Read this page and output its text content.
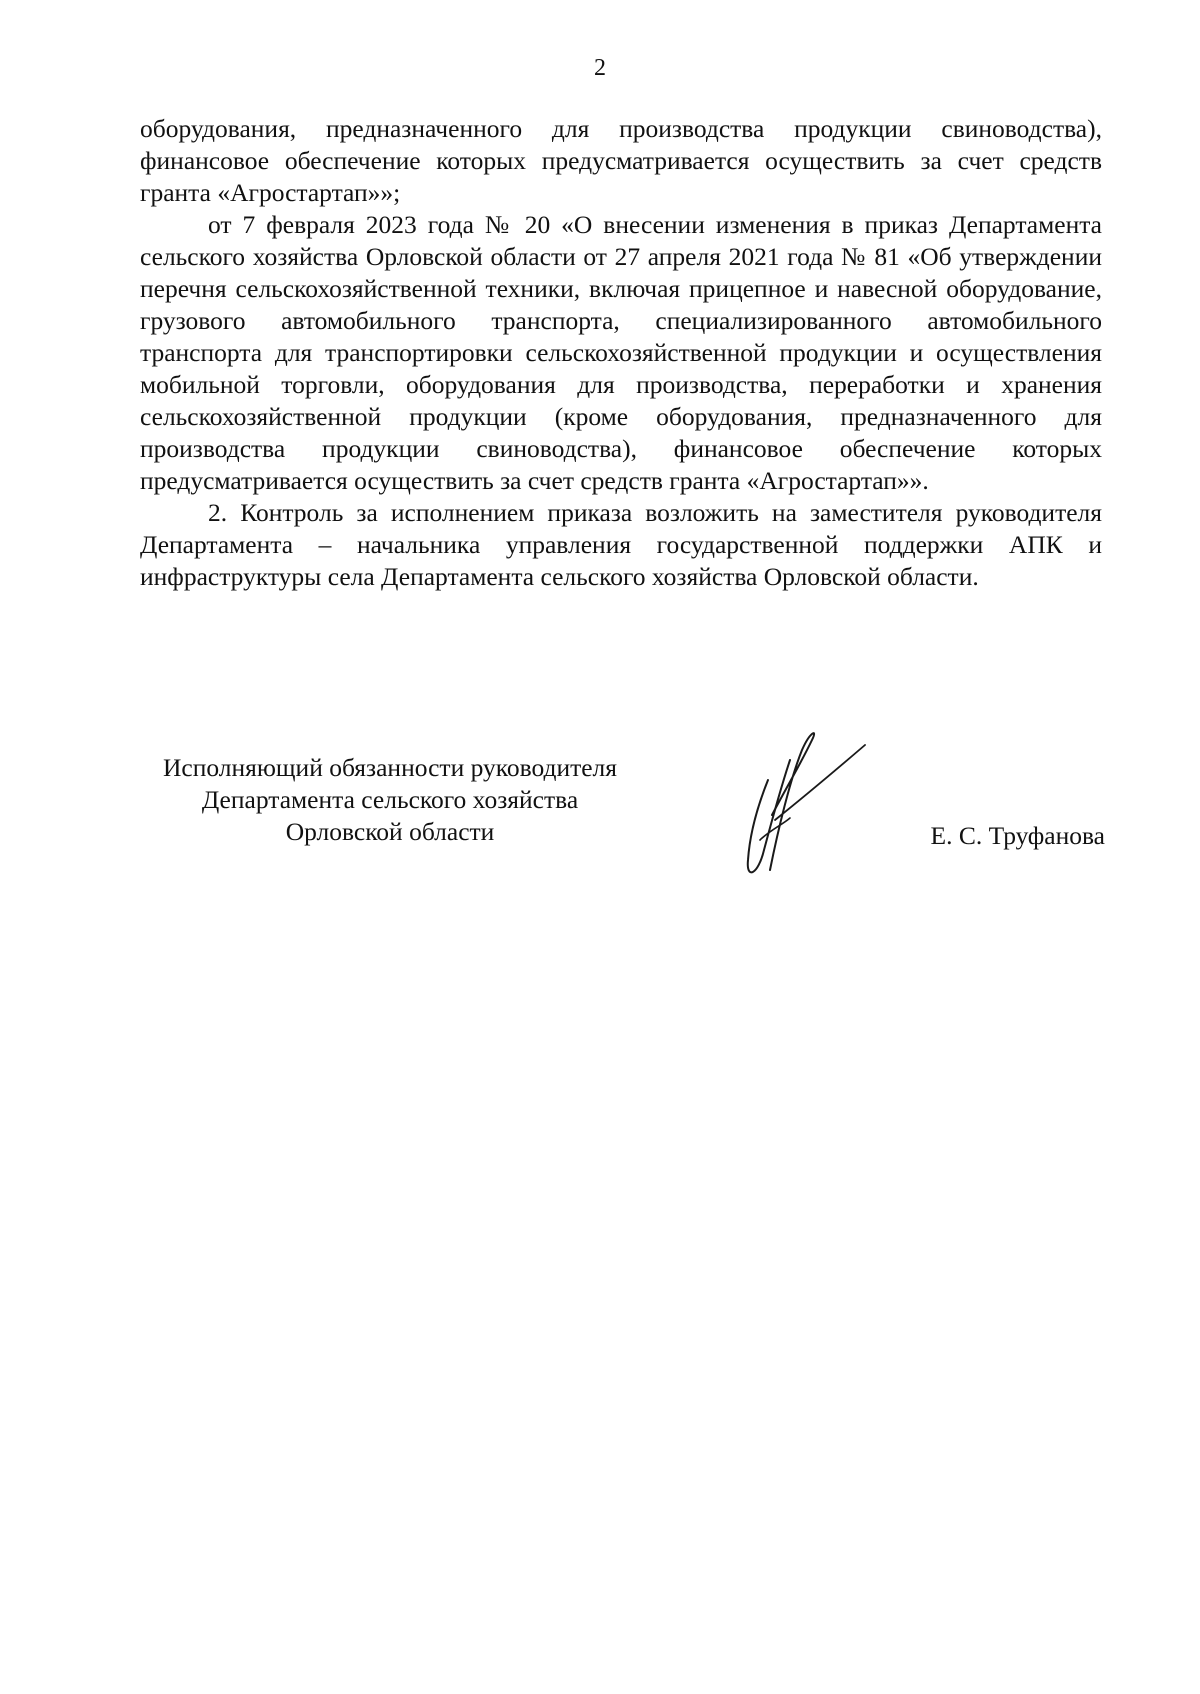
2

оборудования, предназначенного для производства продукции свиноводства), финансовое обеспечение которых предусматривается осуществить за счет средств гранта «Агростартап»»;

от 7 февраля 2023 года № 20 «О внесении изменения в приказ Департамента сельского хозяйства Орловской области от 27 апреля 2021 года № 81 «Об утверждении перечня сельскохозяйственной техники, включая прицепное и навесной оборудование, грузового автомобильного транспорта, специализированного автомобильного транспорта для транспортировки сельскохозяйственной продукции и осуществления мобильной торговли, оборудования для производства, переработки и хранения сельскохозяйственной продукции (кроме оборудования, предназначенного для производства продукции свиноводства), финансовое обеспечение которых предусматривается осуществить за счет средств гранта «Агростартап»».

2. Контроль за исполнением приказа возложить на заместителя руководителя Департамента – начальника управления государственной поддержки АПК и инфраструктуры села Департамента сельского хозяйства Орловской области.

Исполняющий обязанности руководителя
Департамента сельского хозяйства
Орловской области	Е. С. Труфанова
